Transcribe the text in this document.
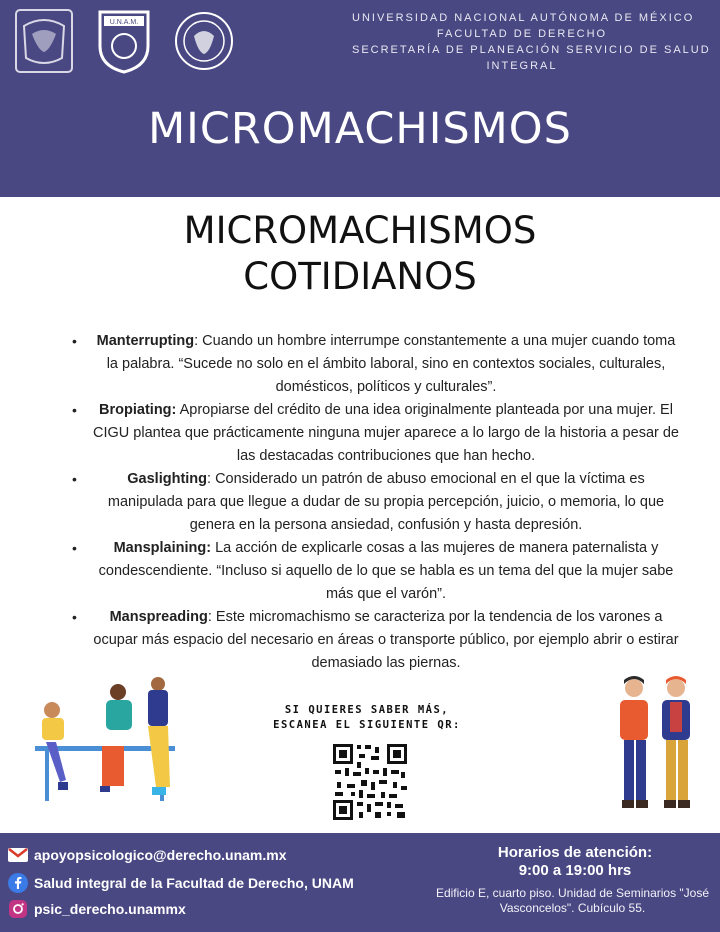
U.N.A.M.	UNIVERSIDAD NACIONAL AUTÓNOMA DE MÉXICO
FACULTAD DE DERECHO
SECRETARÍA DE PLANEACIÓN SERVICIO DE SALUD
INTEGRAL
MICROMACHISMOS
MICROMACHISMOS
COTIDIANOS
• Manterrupting: Cuando un hombre interrumpe constantemente a una mujer cuando toma la palabra. “Sucede no solo en el ámbito laboral, sino en contextos sociales, culturales, domésticos, políticos y culturales”.
• Bropiating: Apropiarse del crédito de una idea originalmente planteada por una mujer. El CIGU plantea que prácticamente ninguna mujer aparece a lo largo de la historia a pesar de las destacadas contribuciones que han hecho.
•	Gaslighting: Considerado un patrón de abuso emocional en el que la víctima es manipulada para que llegue a dudar de su propia percepción, juicio, o memoria, lo que genera en la persona ansiedad, confusión y hasta depresión.
•	Mansplaining: La acción de explicarle cosas a las mujeres de manera paternalista y condescendiente. “Incluso si aquello de lo que se habla es un tema del que la mujer sabe más que el varón”.
• Manspreading: Este micromachismo se caracteriza por la tendencia de los varones a ocupar más espacio del necesario en áreas o transporte público, por ejemplo abrir o estirar demasiado las piernas.
SI QUIERES SABER MÁS,
ESCANEA EL SIGUIENTE QR:
apoyopsicologico@derecho.unam.mx
Salud integral de la Facultad de Derecho, UNAM
psic_derecho.unammx
Horarios de atención:
9:00 a 19:00 hrs
Edificio E, cuarto piso. Unidad de Seminarios "José Vasconcelos". Cubículo 55.
